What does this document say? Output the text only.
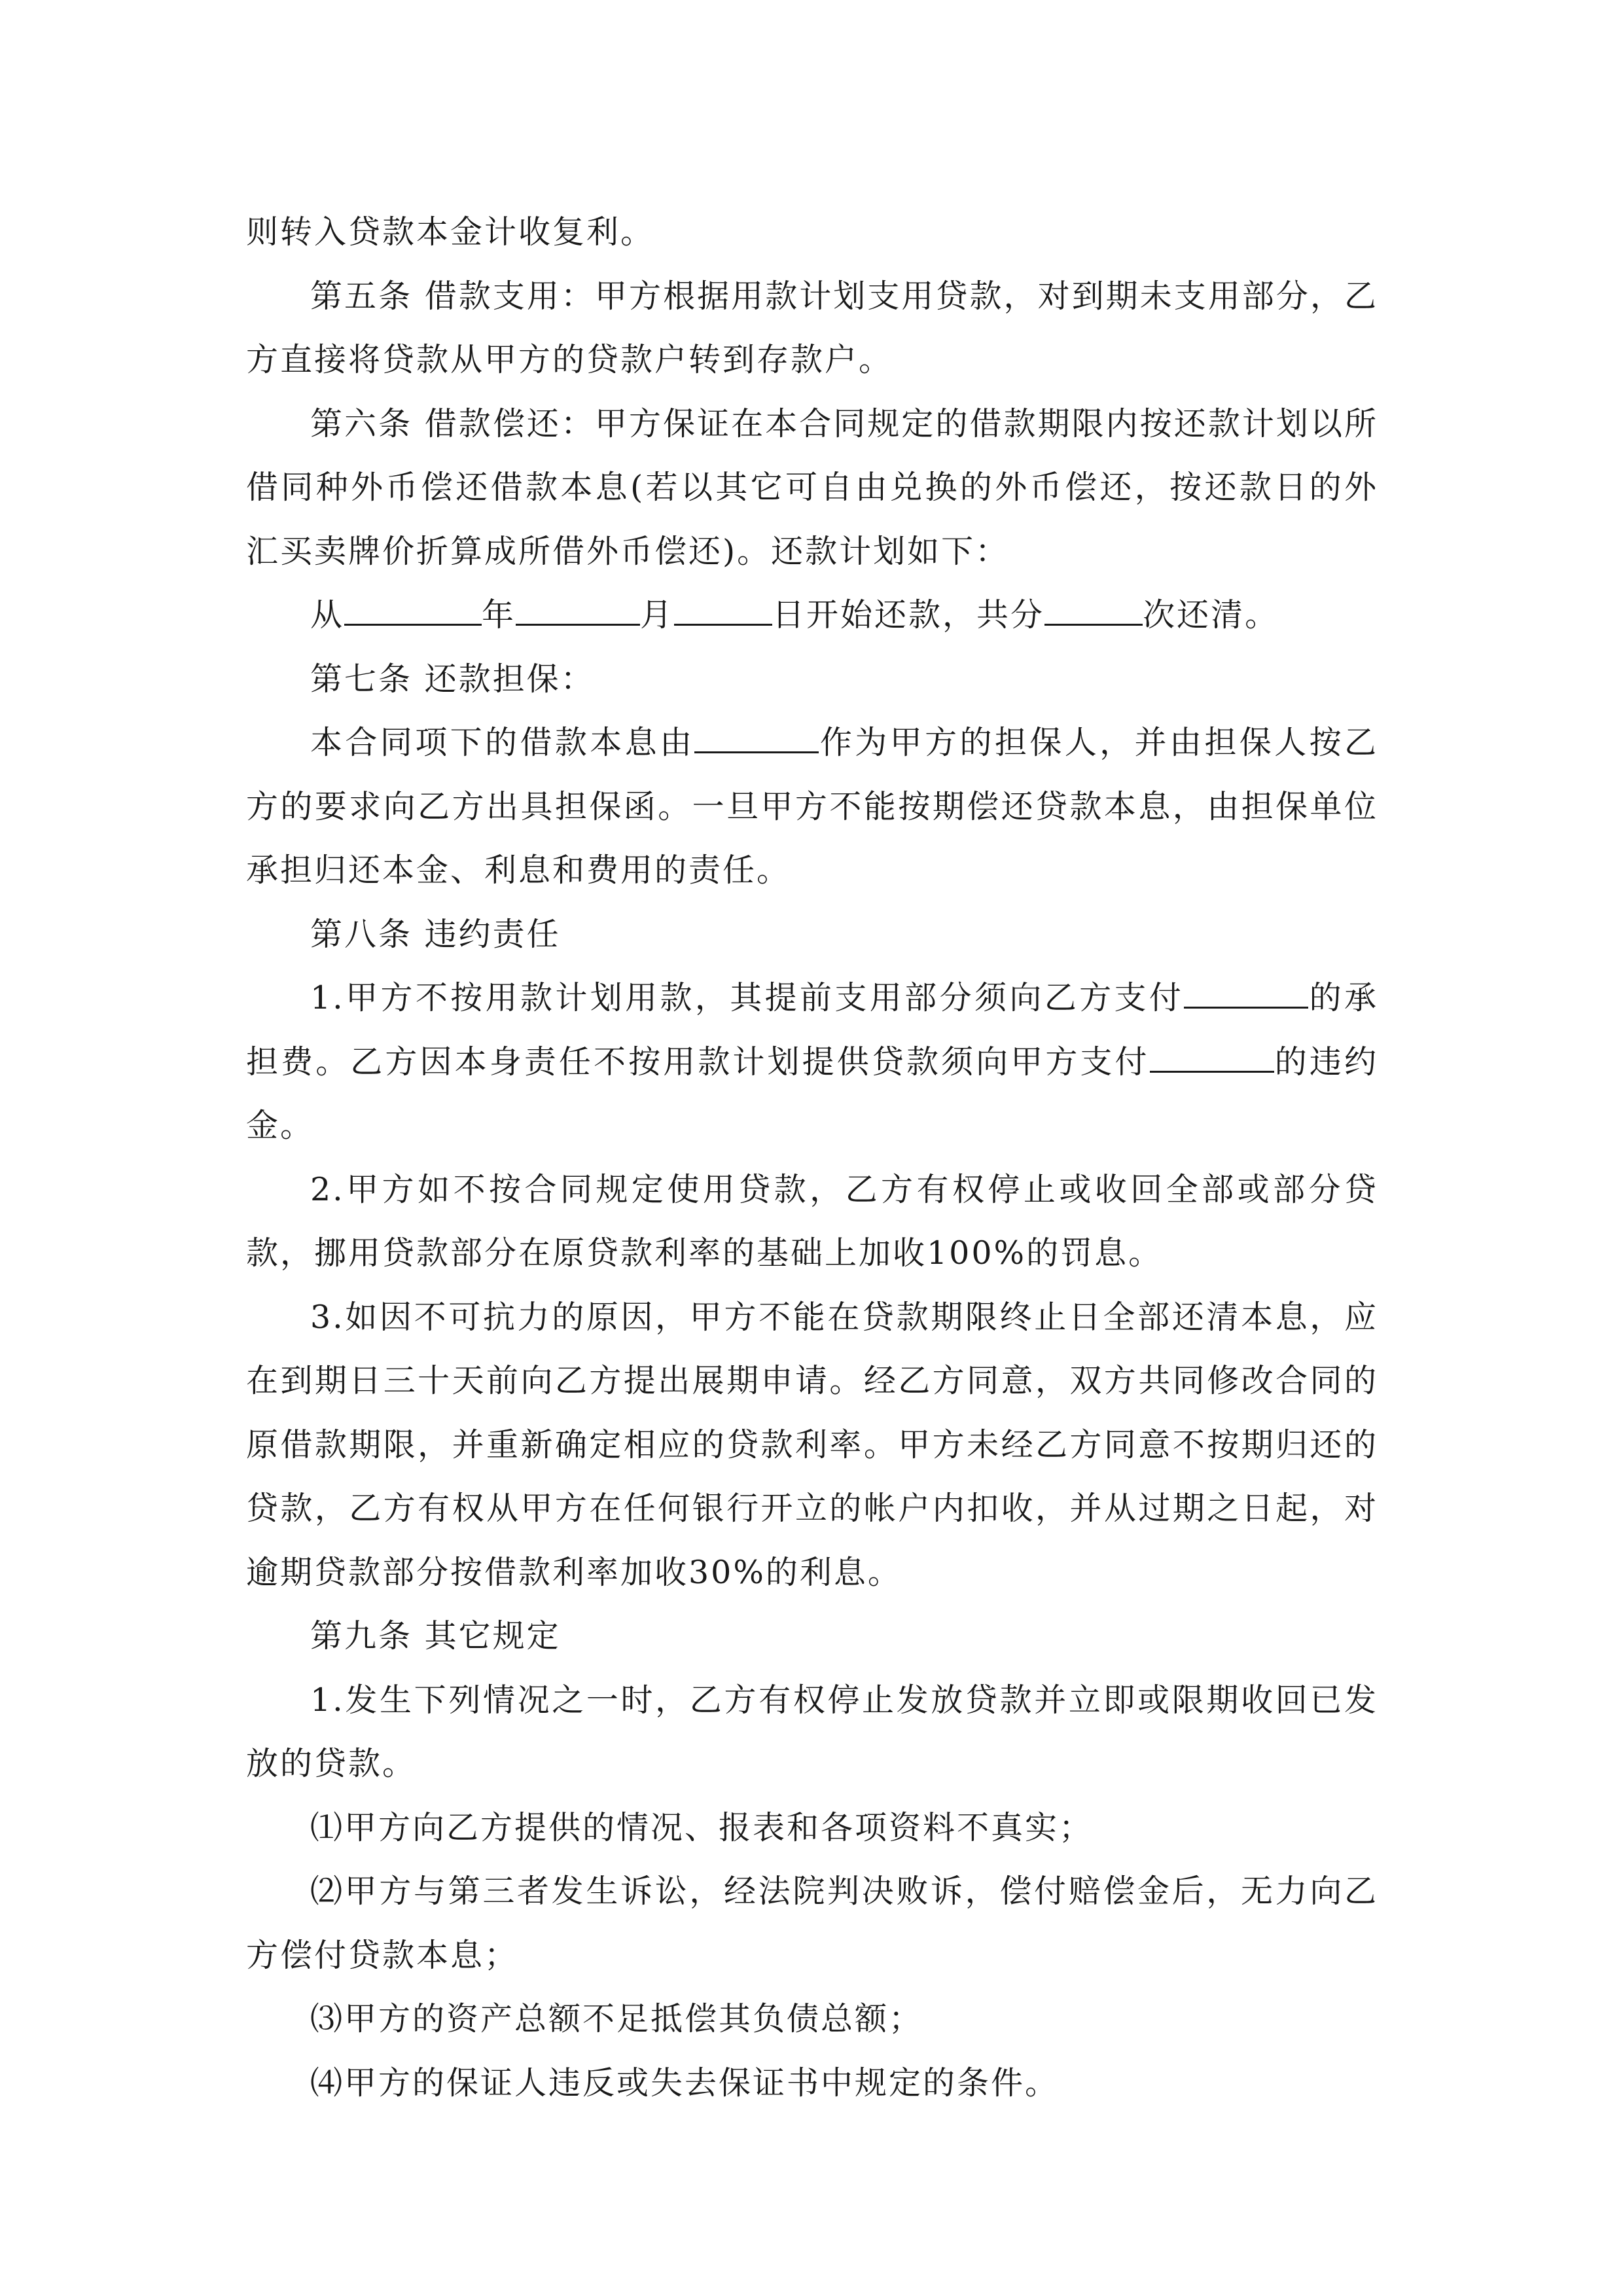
则转入贷款本金计收复利。

第五条 借款支用：甲方根据用款计划支用贷款，对到期未支用部分，乙方直接将贷款从甲方的贷款户转到存款户。

第六条 借款偿还：甲方保证在本合同规定的借款期限内按还款计划以所借同种外币偿还借款本息(若以其它可自由兑换的外币偿还，按还款日的外汇买卖牌价折算成所借外币偿还)。还款计划如下：

从	年	月	日开始还款，共分	次还清。

第七条 还款担保：

本合同项下的借款本息由	作为甲方的担保人，并由担保人按乙方的要求向乙方出具担保函。一旦甲方不能按期偿还贷款本息，由担保单位承担归还本金、利息和费用的责任。

第八条 违约责任

1.甲方不按用款计划用款，其提前支用部分须向乙方支付	的承担费。乙方因本身责任不按用款计划提供贷款须向甲方支付	的违约金。

2.甲方如不按合同规定使用贷款，乙方有权停止或收回全部或部分贷款，挪用贷款部分在原贷款利率的基础上加收100%的罚息。

3.如因不可抗力的原因，甲方不能在贷款期限终止日全部还清本息，应在到期日三十天前向乙方提出展期申请。经乙方同意，双方共同修改合同的原借款期限，并重新确定相应的贷款利率。甲方未经乙方同意不按期归还的贷款，乙方有权从甲方在任何银行开立的帐户内扣收，并从过期之日起，对逾期贷款部分按借款利率加收30%的利息。

第九条 其它规定

1.发生下列情况之一时，乙方有权停止发放贷款并立即或限期收回已发放的贷款。

⑴甲方向乙方提供的情况、报表和各项资料不真实；

⑵甲方与第三者发生诉讼，经法院判决败诉，偿付赔偿金后，无力向乙方偿付贷款本息；

⑶甲方的资产总额不足抵偿其负债总额；

⑷甲方的保证人违反或失去保证书中规定的条件。
